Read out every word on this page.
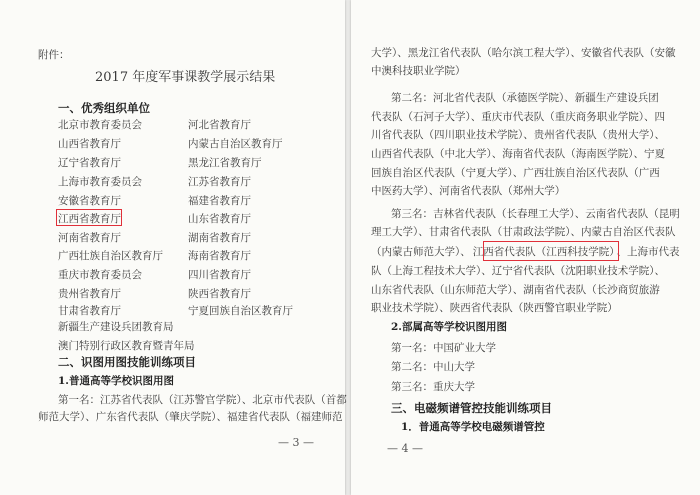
附件：
2017 年度军事课教学展示结果
一、优秀组织单位
北京市教育委员会	河北省教育厅
山西省教育厅	内蒙古自治区教育厅
辽宁省教育厅	黑龙江省教育厅
上海市教育委员会	江苏省教育厅
安徽省教育厅	福建省教育厅
江西省教育厅	山东省教育厅
河南省教育厅	湖南省教育厅
广西壮族自治区教育厅 海南省教育厅
重庆市教育委员会	四川省教育厅
贵州省教育厅	陕西省教育厅
甘肃省教育厅	宁夏回族自治区教育厅
新疆生产建设兵团教育局
澳门特别行政区教育暨青年局
二、识图用图技能训练项目
1.普通高等学校识图用图
第一名：江苏省代表队（江苏警官学院）、北京市代表队（首都
师范大学）、广东省代表队（肇庆学院）、福建省代表队（福建师范
— 3 —
大学）、黑龙江省代表队（哈尔滨工程大学）、安徽省代表队（安徽
中澳科技职业学院）
第二名：河北省代表队（承德医学院）、新疆生产建设兵团
代表队（石河子大学）、重庆市代表队（重庆商务职业学院）、四
川省代表队（四川职业技术学院）、贵州省代表队（贵州大学）、
山西省代表队（中北大学）、海南省代表队（海南医学院）、宁夏
回族自治区代表队（宁夏大学）、广西壮族自治区代表队（广西
中医药大学）、河南省代表队（郑州大学）
第三名：吉林省代表队（长春理工大学）、云南省代表队（昆明
理工大学）、甘肃省代表队（甘肃政法学院）、内蒙古自治区代表队
（内蒙古师范大学）、 江西省代表队（江西科技学院） 、上海市代表
队（上海工程技术大学）、辽宁省代表队（沈阳职业技术学院）、
山东省代表队（山东师范大学）、湖南省代表队（长沙商贸旅游
职业技术学院）、陕西省代表队（陕西警官职业学院）
2.部属高等学校识图用图
第一名：中国矿业大学
第二名：中山大学
第三名：重庆大学
三、电磁频谱管控技能训练项目
1．普通高等学校电磁频谱管控
— 4 —
